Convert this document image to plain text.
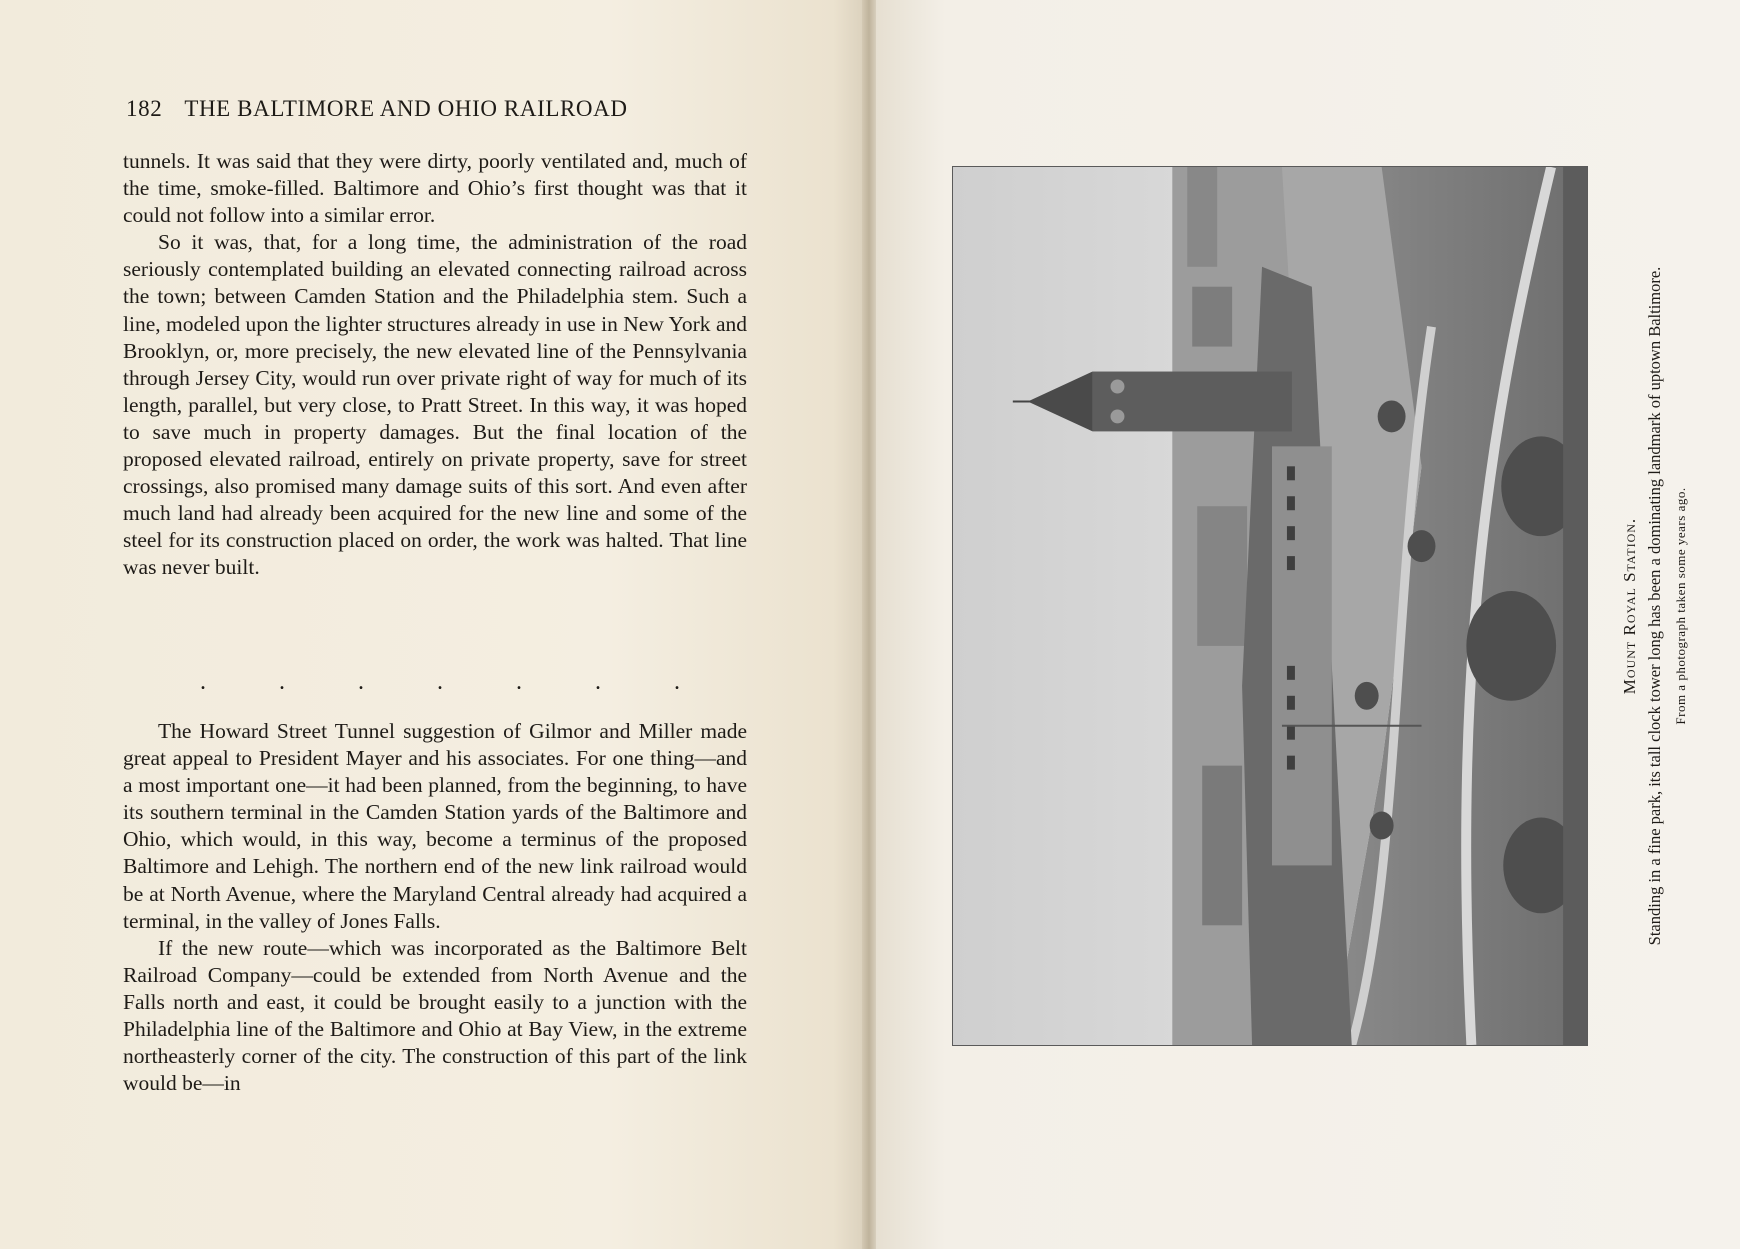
182 THE BALTIMORE AND OHIO RAILROAD

tunnels. It was said that they were dirty, poorly ventilated and, much of the time, smoke-filled. Baltimore and Ohio’s first thought was that it could not follow into a similar error.

So it was, that, for a long time, the administration of the road seriously contemplated building an elevated connecting railroad across the town; between Camden Station and the Philadelphia stem. Such a line, modeled upon the lighter structures already in use in New York and Brooklyn, or, more precisely, the new elevated line of the Pennsylvania through Jersey City, would run over private right of way for much of its length, parallel, but very close, to Pratt Street. In this way, it was hoped to save much in property damages. But the final location of the proposed elevated railroad, entirely on private property, save for street crossings, also promised many damage suits of this sort. And even after much land had already been acquired for the new line and some of the steel for its construction placed on order, the work was halted. That line was never built.

.	.	.	.	.	.	.

The Howard Street Tunnel suggestion of Gilmor and Miller made great appeal to President Mayer and his associates. For one thing—and a most important one—it had been planned, from the beginning, to have its southern terminal in the Camden Station yards of the Baltimore and Ohio, which would, in this way, become a terminus of the proposed Baltimore and Lehigh. The northern end of the new link railroad would be at North Avenue, where the Maryland Central already had acquired a terminal, in the valley of Jones Falls.

If the new route—which was incorporated as the Baltimore Belt Railroad Company—could be extended from North Avenue and the Falls north and east, it could be brought easily to a junction with the Philadelphia line of the Baltimore and Ohio at Bay View, in the extreme northeasterly corner of the city. The construction of this part of the link would be—in

Mount Royal Station. Standing in a fine park, its tall clock tower long has been a dominating landmark of uptown Baltimore. From a photograph taken some years ago.
